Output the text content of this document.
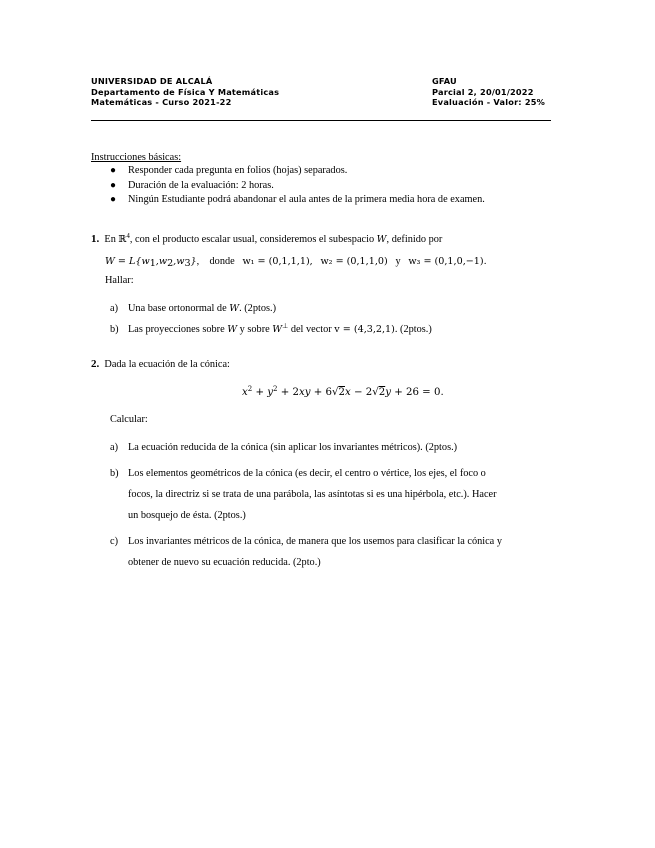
UNIVERSIDAD DE ALCALÁ
Departamento de Física Y Matemáticas
Matemáticas - Curso 2021-22
GFAU
Parcial 2, 20/01/2022
Evaluación - Valor: 25%
Instrucciones básicas:
● Responder cada pregunta en folios (hojas) separados.
● Duración de la evaluación: 2 horas.
● Ningún Estudiante podrá abandonar el aula antes de la primera media hora de examen.
1. En ℝ$^4$, con el producto escalar usual, consideremos el subespacio W, definido por
$W = L\{w_1,w_2,w_3\}$,    donde w₁ = (0,1,1,1), w₂ = (0,1,1,0) y w₃ = (0,1,0,−1).
Hallar:
a) Una base ortonormal de W. (2ptos.)
b) Las proyecciones sobre W y sobre W⊥ del vector v = (4,3,2,1). (2ptos.)
2. Dada la ecuación de la cónica:
$x^2 + y^2 + 2xy + 6√2x - 2√2y + 26 = 0$.
Calcular:
a) La ecuación reducida de la cónica (sin aplicar los invariantes métricos). (2ptos.)
b) Los elementos geométricos de la cónica (es decir, el centro o vértice, los ejes, el foco o
focos, la directriz si se trata de una parábola, las asíntotas si es una hipérbola, etc.). Hacer
un bosquejo de ésta. (2ptos.)
c) Los invariantes métricos de la cónica, de manera que los usemos para clasificar la cónica y
obtener de nuevo su ecuación reducida. (2pto.)
